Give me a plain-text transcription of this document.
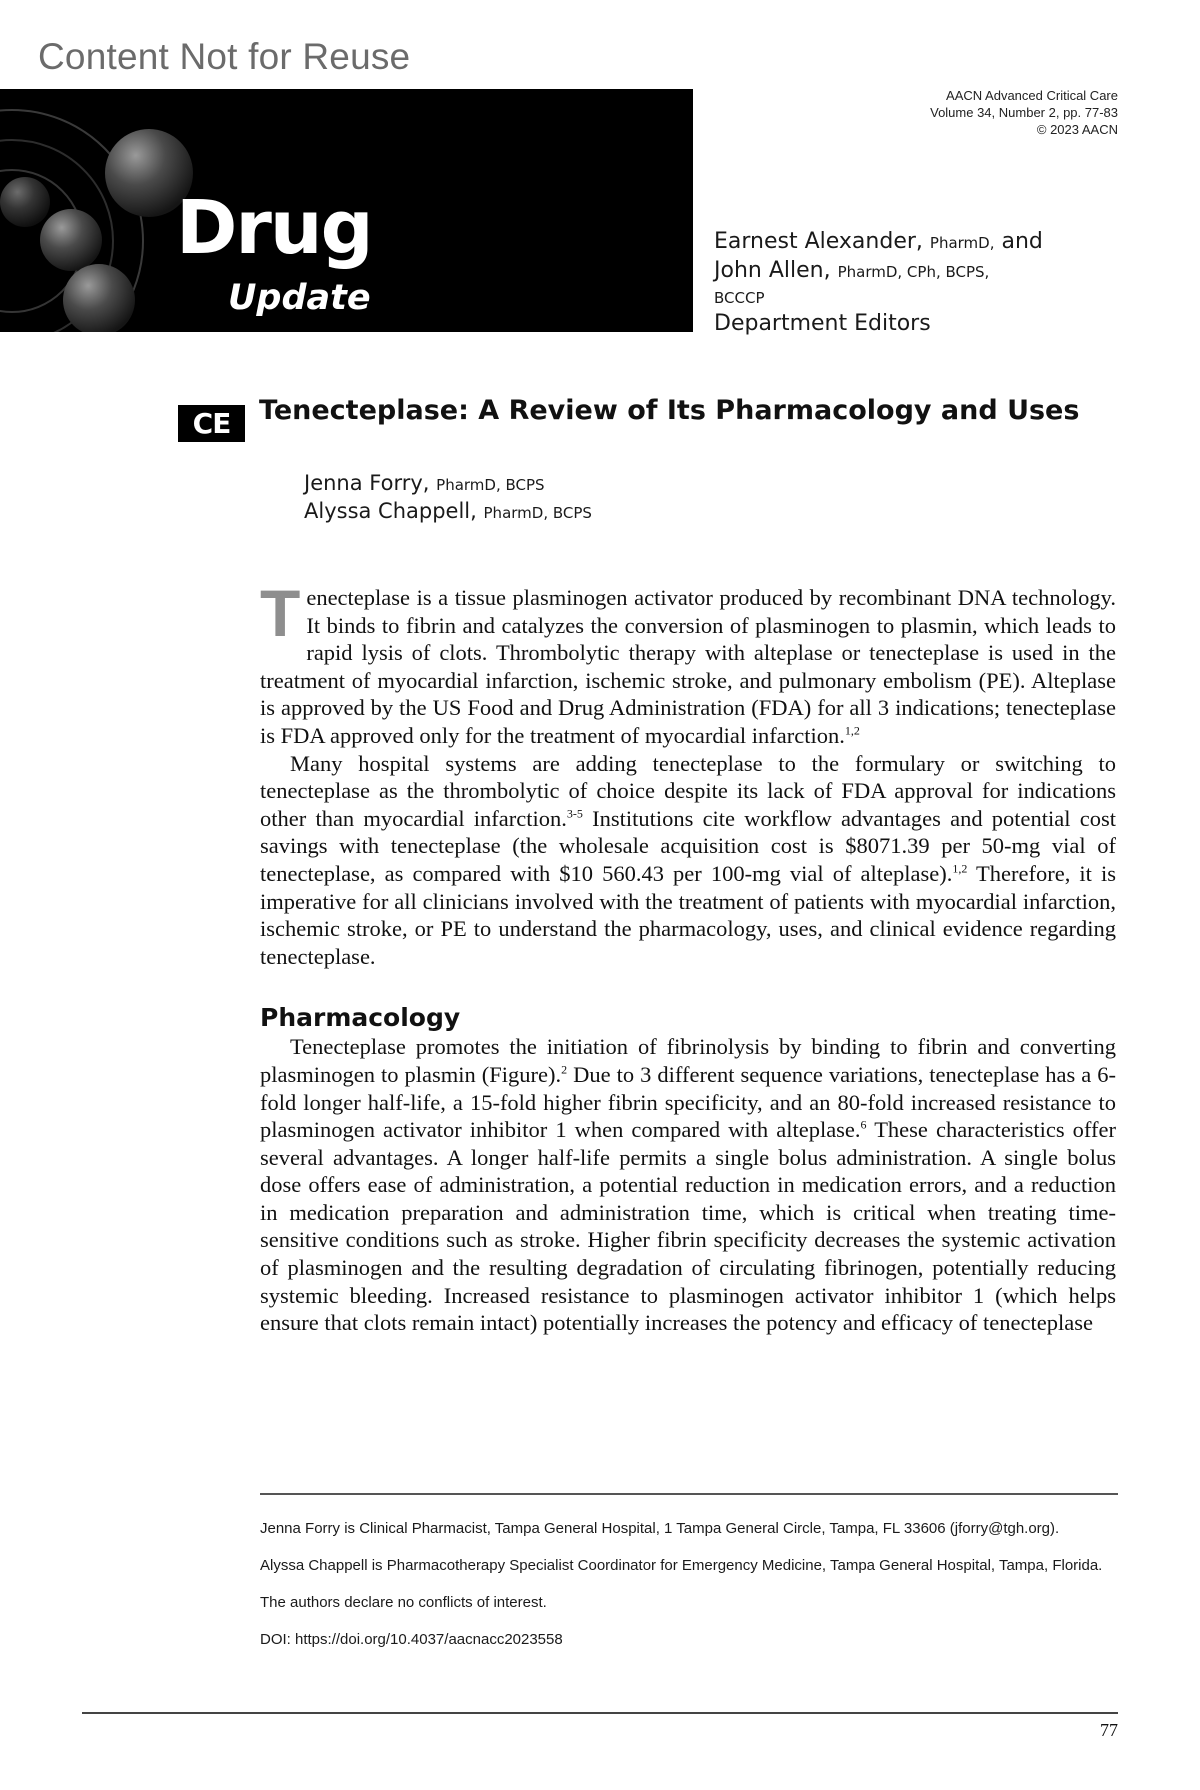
Content Not for Reuse
Drug
Update
AACN Advanced Critical Care
Volume 34, Number 2, pp. 77-83
© 2023 AACN
Earnest Alexander, PharmD, and
John Allen, PharmD, CPh, BCPS,
BCCCP
Department Editors
CE	Tenecteplase: A Review of Its Pharmacology and Uses
Jenna Forry, PharmD, BCPS
Alyssa Chappell, PharmD, BCPS

Tenecteplase is a tissue plasminogen activator produced by recombinant DNA technology. It binds to fibrin and catalyzes the conversion of plasminogen to plasmin, which leads to rapid lysis of clots. Thrombolytic therapy with alteplase or tenecteplase is used in the treatment of myocardial infarction, ischemic stroke, and pulmonary embolism (PE). Alteplase is approved by the US Food and Drug Administration (FDA) for all 3 indications; tenecteplase is FDA approved only for the treatment of myocardial infarction.$^{1,2}$

Many hospital systems are adding tenecteplase to the formulary or switching to tenecteplase as the thrombolytic of choice despite its lack of FDA approval for indications other than myocardial infarction.$^{3-5}$ Institutions cite workflow advantages and potential cost savings with tenecteplase (the wholesale acquisition cost is $8071.39 per 50-mg vial of tenecteplase, as compared with $10 560.43 per 100-mg vial of alteplase).$^{1,2}$ Therefore, it is imperative for all clinicians involved with the treatment of patients with myocardial infarction, ischemic stroke, or PE to understand the pharmacology, uses, and clinical evidence regarding tenecteplase.

Pharmacology

Tenecteplase promotes the initiation of fibrinolysis by binding to fibrin and converting plasminogen to plasmin (Figure).$^2$ Due to 3 different sequence variations, tenecteplase has a 6-fold longer half-life, a 15-fold higher fibrin specificity, and an 80-fold increased resistance to plasminogen activator inhibitor 1 when compared with alteplase.$^6$ These characteristics offer several advantages. A longer half-life permits a single bolus administration. A single bolus dose offers ease of administration, a potential reduction in medication errors, and a reduction in medication preparation and administration time, which is critical when treating time-sensitive conditions such as stroke. Higher fibrin specificity decreases the systemic activation of plasminogen and the resulting degradation of circulating fibrinogen, potentially reducing systemic bleeding. Increased resistance to plasminogen activator inhibitor 1 (which helps ensure that clots remain intact) potentially increases the potency and efficacy of tenecteplase

Jenna Forry is Clinical Pharmacist, Tampa General Hospital, 1 Tampa General Circle, Tampa, FL 33606 (jforry@tgh.org).

Alyssa Chappell is Pharmacotherapy Specialist Coordinator for Emergency Medicine, Tampa General Hospital, Tampa, Florida.

The authors declare no conflicts of interest.

DOI: https://doi.org/10.4037/aacnacc2023558

77
